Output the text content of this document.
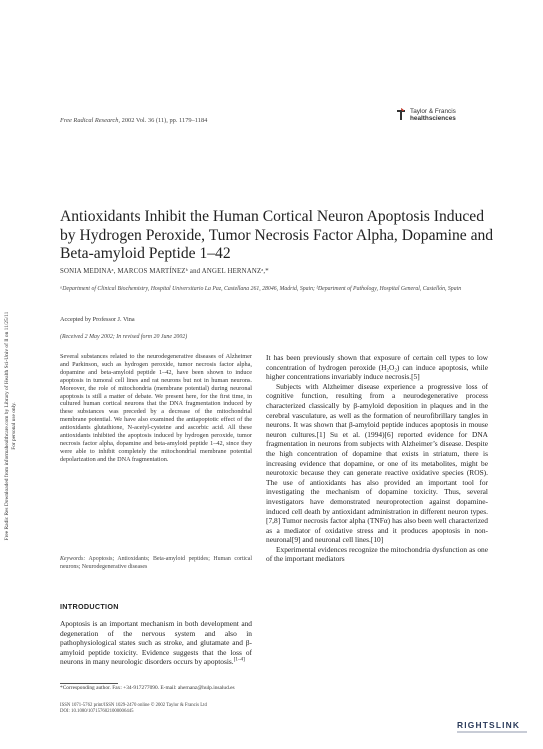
Free Radic Res Downloaded from informahealthcare.com by Library of Health Sci-Univ of Il on 11/25/11 For personal use only.
Free Radical Research, 2002 Vol. 36 (11), pp. 1179–1184
Taylor & Francis
healthsciences
Antioxidants Inhibit the Human Cortical Neuron Apoptosis Induced by Hydrogen Peroxide, Tumor Necrosis Factor Alpha, Dopamine and Beta-amyloid Peptide 1–42
SONIA MEDINAᵃ, MARCOS MARTÍNEZᵇ and ANGEL HERNANZᵃ,*
ᵃDepartment of Clinical Biochemistry, Hospital Universitario La Paz, Castellana 261, 28046, Madrid, Spain; ᵇDepartment of Pathology, Hospital General, Castellón, Spain
Accepted by Professor J. Vina
(Received 2 May 2002; In revised form 20 June 2002)
Several substances related to the neurodegenerative diseases of Alzheimer and Parkinson, such as hydrogen peroxide, tumor necrosis factor alpha, dopamine and beta-amyloid peptide 1–42, have been shown to induce apoptosis in tumoral cell lines and rat neurons but not in human neurons. Moreover, the role of mitochondria (membrane potential) during neuronal apoptosis is still a matter of debate. We present here, for the first time, in cultured human cortical neurons that the DNA fragmentation induced by these substances was preceded by a decrease of the mitochondrial membrane potential. We have also examined the antiapoptotic effect of the antioxidants glutathione, N-acetyl-cysteine and ascorbic acid. All these antioxidants inhibited the apoptosis induced by hydrogen peroxide, tumor necrosis factor alpha, dopamine and beta-amyloid peptide 1–42, since they were able to inhibit completely the mitochondrial membrane potential depolarization and the DNA fragmentation.
Keywords: Apoptosis; Antioxidants; Beta-amyloid peptides; Human cortical neurons; Neurodegenerative diseases
INTRODUCTION
Apoptosis is an important mechanism in both development and degeneration of the nervous system and also in pathophysiological states such as stroke, and glutamate and β-amyloid peptide toxicity. Evidence suggests that the loss of neurons in many neurologic disorders occurs by apoptosis.[1–4]

It has been previously shown that exposure of certain cell types to low concentration of hydrogen peroxide (H₂O₂) can induce apoptosis, while higher concentrations invariably induce necrosis.[5]

Subjects with Alzheimer disease experience a progressive loss of cognitive function, resulting from a neurodegenerative process characterized classically by β-amyloid deposition in plaques and in the cerebral vasculature, as well as the formation of neurofibrillary tangles in neurons. It was shown that β-amyloid peptide induces apoptosis in mouse neuron cultures.[1] Su et al. (1994)[6] reported evidence for DNA fragmentation in neurons from subjects with Alzheimer’s disease. Despite the high concentration of dopamine that exists in striatum, there is increasing evidence that dopamine, or one of its metabolites, might be neurotoxic because they can generate reactive oxidative species (ROS). The use of antioxidants has also provided an important tool for investigating the mechanism of dopamine toxicity. Thus, several investigators have demonstrated neuroprotection against dopamine-induced cell death by antioxidant administration in different neuron types.[7,8] Tumor necrosis factor alpha (TNFα) has also been well characterized as a mediator of oxidative stress and it produces apoptosis in non-neuronal[9] and neuronal cell lines.[10]

Experimental evidences recognize the mitochondria dysfunction as one of the important mediators

*Corresponding author. Fax: +34-917277090. E-mail: ahernanz@hulp.insalud.es
ISSN 1071-5762 print/ISSN 1029-2470 online © 2002 Taylor & Francis Ltd
DOI: 10.1080/1071576021000006445
RIGHTSLINK
